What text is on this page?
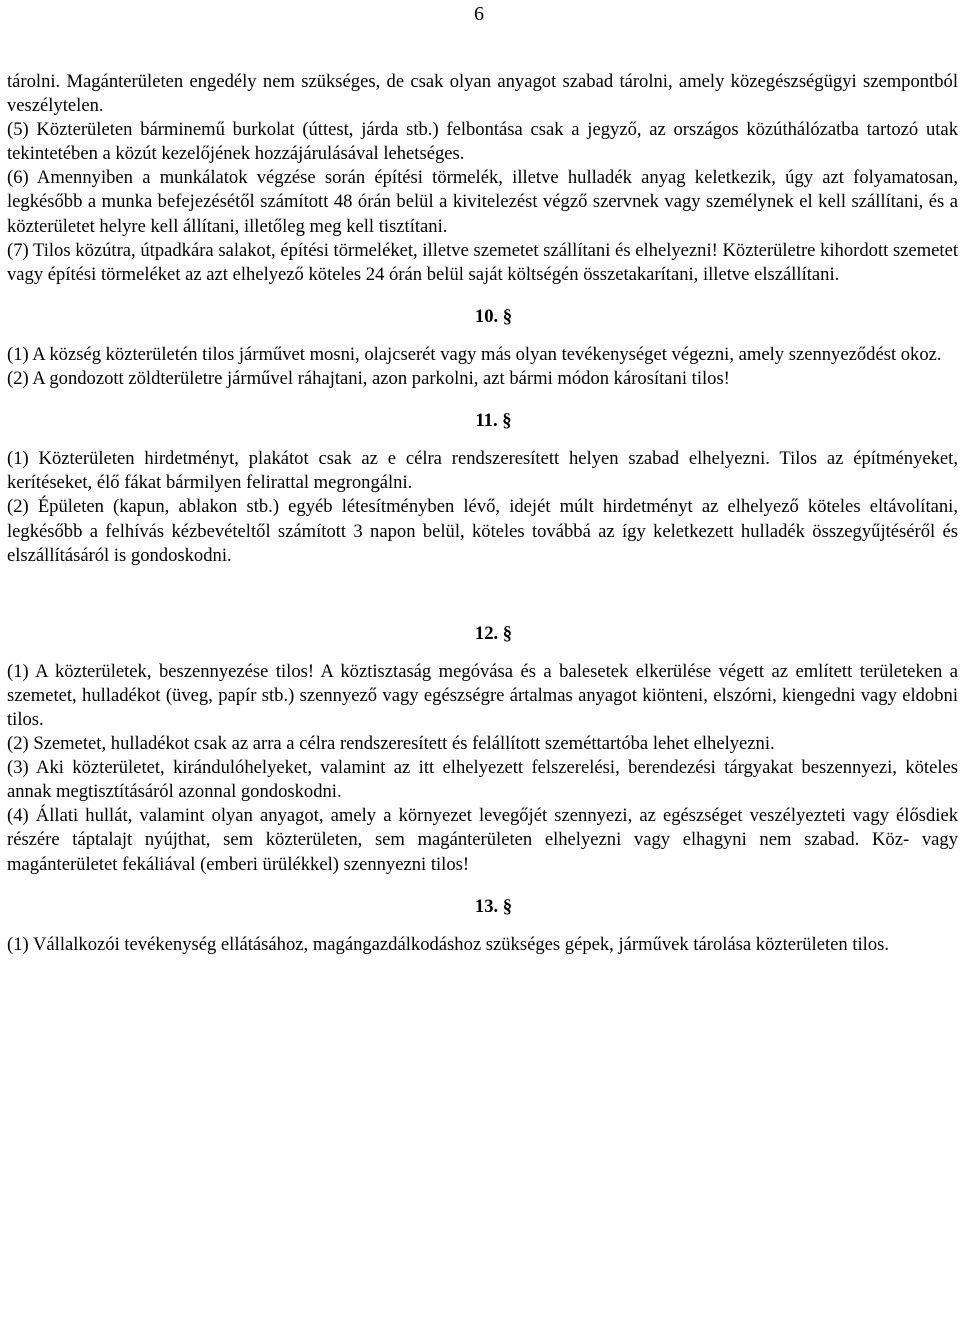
6

tárolni. Magánterületen engedély nem szükséges, de csak olyan anyagot szabad tárolni, amely közegészségügyi szempontból veszélytelen.

(5) Közterületen bárminemű burkolat (úttest, járda stb.) felbontása csak a jegyző, az országos közúthálózatba tartozó utak tekintetében a közút kezelőjének hozzájárulásával lehetséges.

(6) Amennyiben a munkálatok végzése során építési törmelék, illetve hulladék anyag keletkezik, úgy azt folyamatosan, legkésőbb a munka befejezésétől számított 48 órán belül a kivitelezést végző szervnek vagy személynek el kell szállítani, és a közterületet helyre kell állítani, illetőleg meg kell tisztítani.

(7) Tilos közútra, útpadkára salakot, építési törmeléket, illetve szemetet szállítani és elhelyezni! Közterületre kihordott szemetet vagy építési törmeléket az azt elhelyező köteles 24 órán belül saját költségén összetakarítani, illetve elszállítani.

10. §

(1) A község közterületén tilos járművet mosni, olajcserét vagy más olyan tevékenységet végezni, amely szennyeződést okoz.

(2) A gondozott zöldterületre járművel ráhajtani, azon parkolni, azt bármi módon károsítani tilos!

11. §

(1) Közterületen hirdetményt, plakátot csak az e célra rendszeresített helyen szabad elhelyezni. Tilos az építményeket, kerítéseket, élő fákat bármilyen felirattal megrongálni.

(2) Épületen (kapun, ablakon stb.) egyéb létesítményben lévő, idejét múlt hirdetményt az elhelyező köteles eltávolítani, legkésőbb a felhívás kézbevételtől számított 3 napon belül, köteles továbbá az így keletkezett hulladék összegyűjtéséről és elszállításáról is gondoskodni.

12. §

(1) A közterületek, beszennyezése tilos! A köztisztaság megóvása és a balesetek elkerülése végett az említett területeken a szemetet, hulladékot (üveg, papír stb.) szennyező vagy egészségre ártalmas anyagot kiönteni, elszórni, kiengedni vagy eldobni tilos.

(2) Szemetet, hulladékot csak az arra a célra rendszeresített és felállított szeméttartóba lehet elhelyezni.

(3) Aki közterületet, kirándulóhelyeket, valamint az itt elhelyezett felszerelési, berendezési tárgyakat beszennyezi, köteles annak megtisztításáról azonnal gondoskodni.

(4) Állati hullát, valamint olyan anyagot, amely a környezet levegőjét szennyezi, az egészséget veszélyezteti vagy élősdiek részére táptalajt nyújthat, sem közterületen, sem magánterületen elhelyezni vagy elhagyni nem szabad. Köz- vagy magánterületet fekáliával (emberi ürülékkel) szennyezni tilos!

13. §

(1) Vállalkozói tevékenység ellátásához, magángazdálkodáshoz szükséges gépek, járművek tárolása közterületen tilos.
